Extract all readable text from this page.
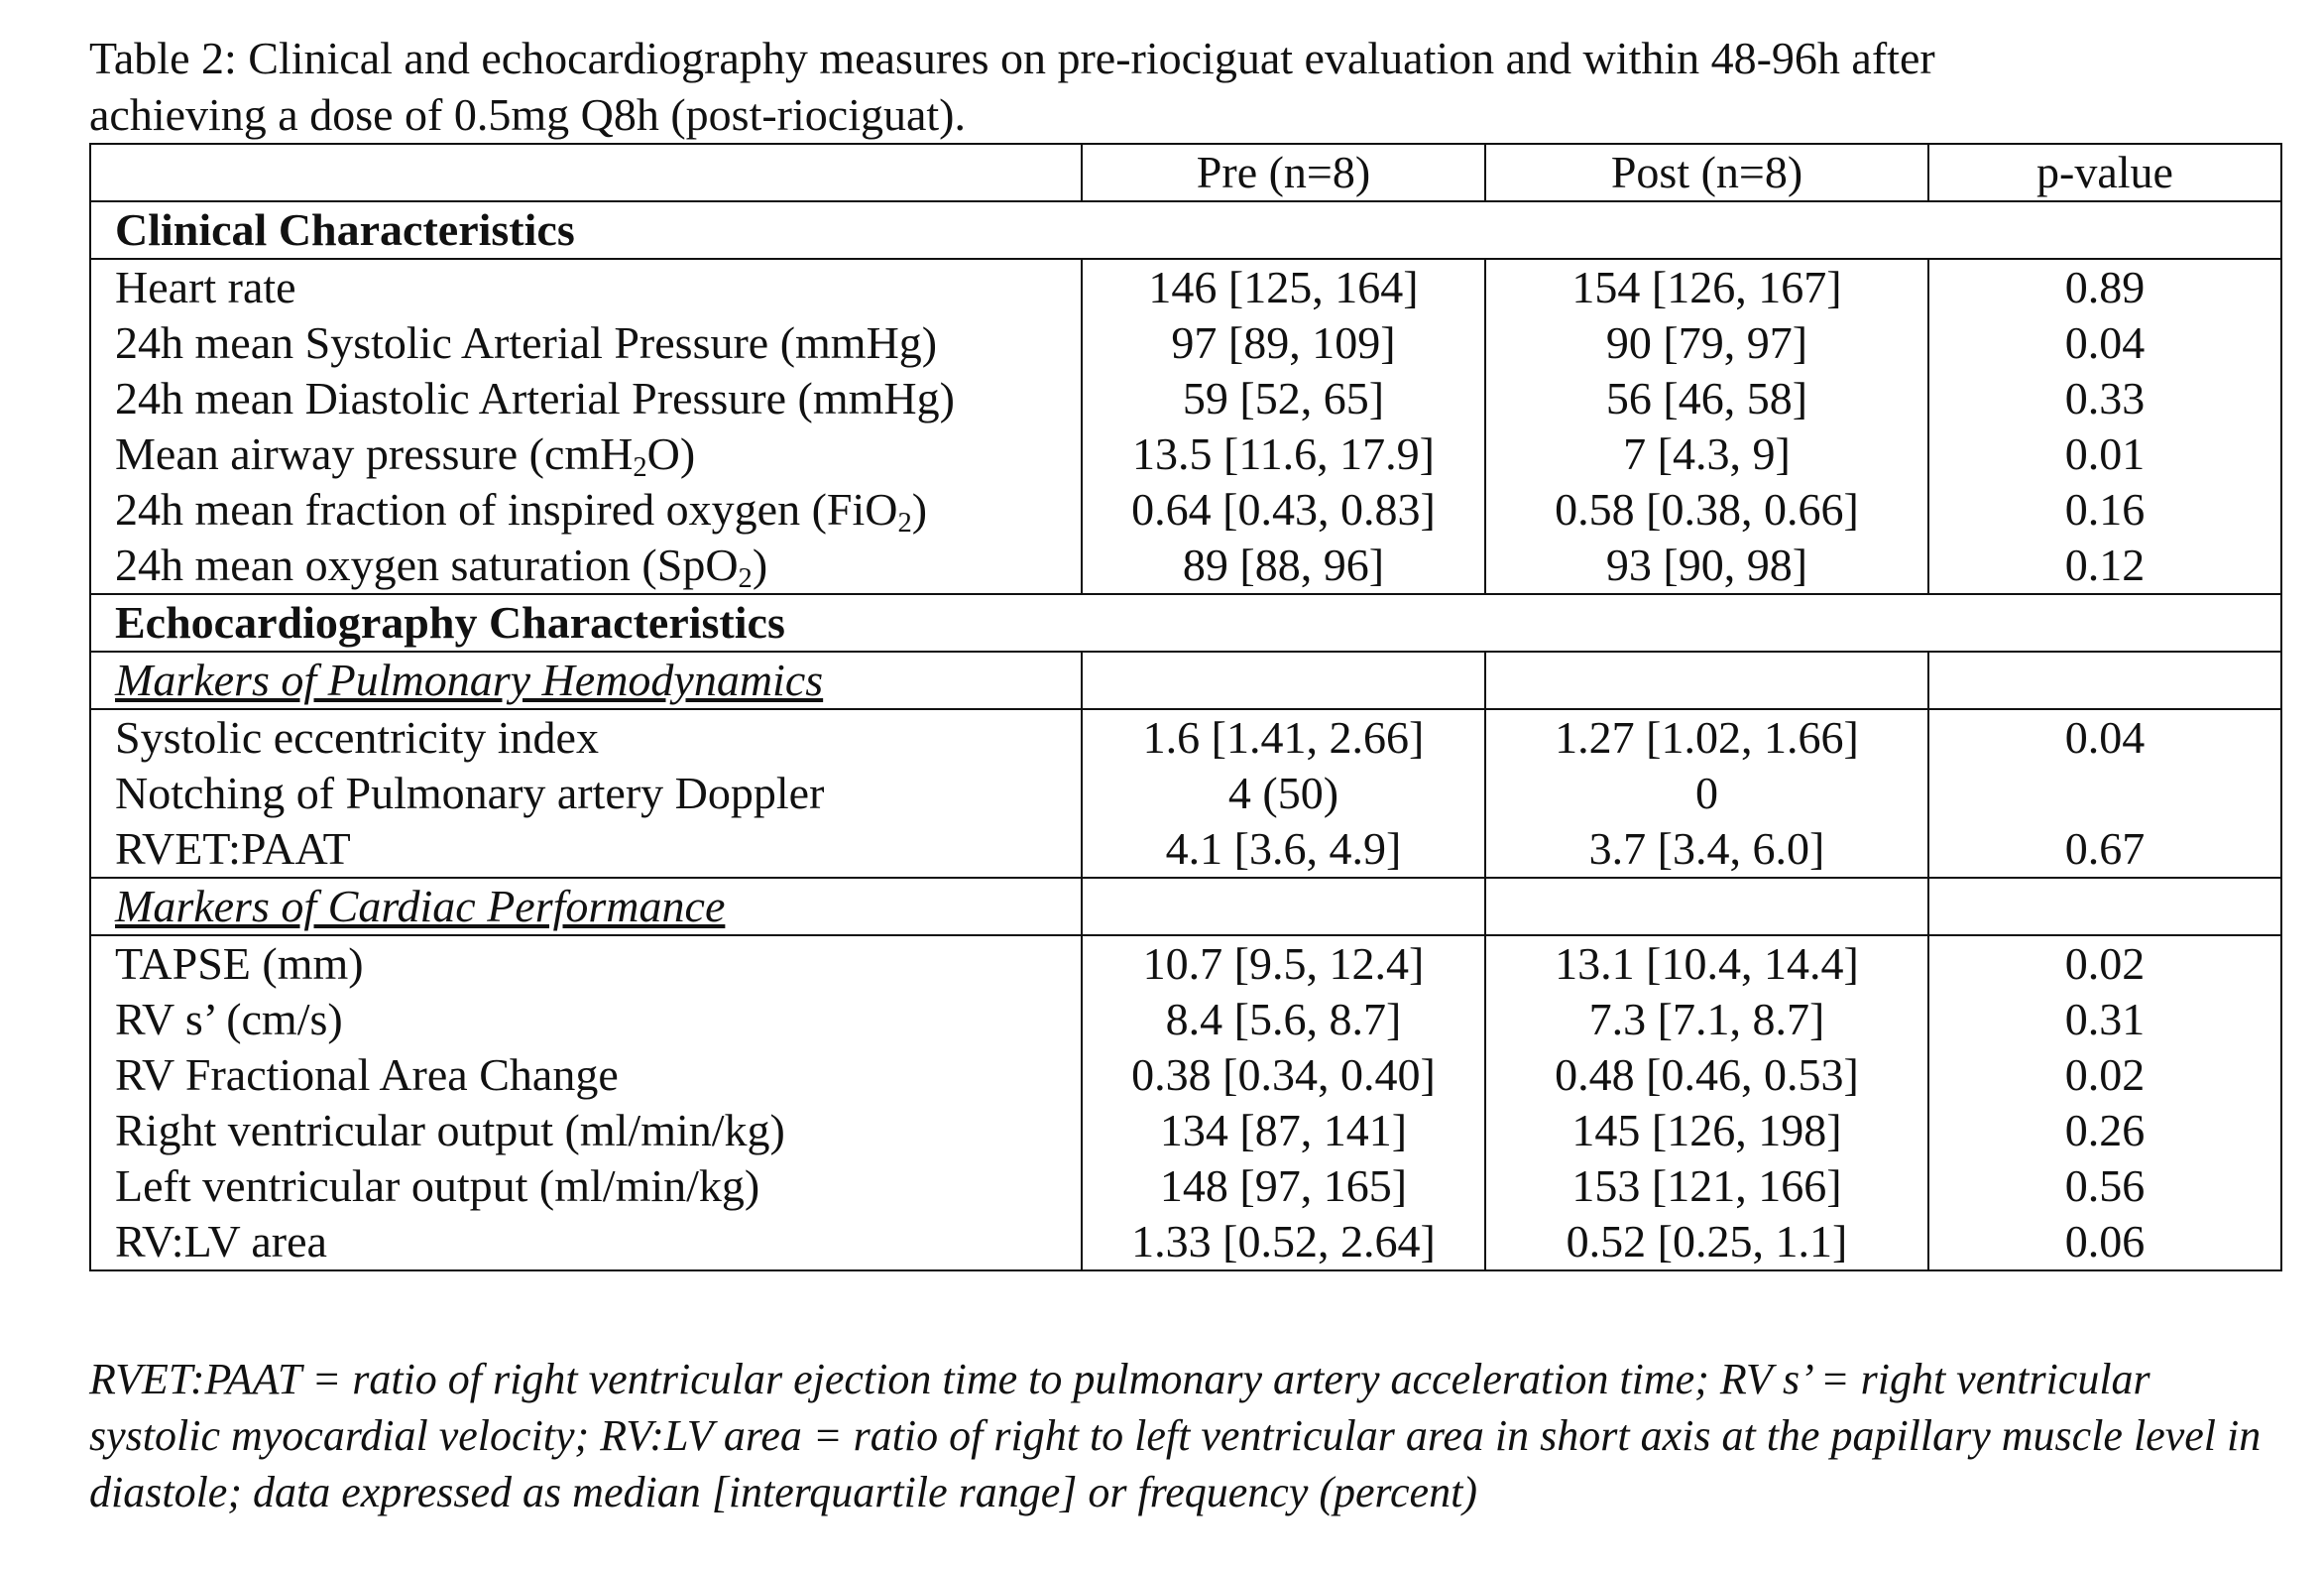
Table 2: Clinical and echocardiography measures on pre-riociguat evaluation and within 48-96h after
achieving a dose of 0.5mg Q8h (post-riociguat).
	Pre (n=8)	Post (n=8)	p-value
Clinical Characteristics			
Heart rate	146 [125, 164]	154 [126, 167]	0.89
24h mean Systolic Arterial Pressure (mmHg)	97 [89, 109]	90 [79, 97]	0.04
24h mean Diastolic Arterial Pressure (mmHg)	59 [52, 65]	56 [46, 58]	0.33
Mean airway pressure (cmH$_2$O)	13.5 [11.6, 17.9]	7 [4.3, 9]	0.01
24h mean fraction of inspired oxygen (FiO$_2$)	0.64 [0.43, 0.83]	0.58 [0.38, 0.66]	0.16
24h mean oxygen saturation (SpO$_2$)	89 [88, 96]	93 [90, 98]	0.12
Echocardiography Characteristics			
Markers of Pulmonary Hemodynamics			
Systolic eccentricity index	1.6 [1.41, 2.66]	1.27 [1.02, 1.66]	0.04
Notching of Pulmonary artery Doppler	4 (50)	0	
RVET:PAAT	4.1 [3.6, 4.9]	3.7 [3.4, 6.0]	0.67
Markers of Cardiac Performance			
TAPSE (mm)	10.7 [9.5, 12.4]	13.1 [10.4, 14.4]	0.02
RV s’ (cm/s)	8.4 [5.6, 8.7]	7.3 [7.1, 8.7]	0.31
RV Fractional Area Change	0.38 [0.34, 0.40]	0.48 [0.46, 0.53]	0.02
Right ventricular output (ml/min/kg)	134 [87, 141]	145 [126, 198]	0.26
Left ventricular output (ml/min/kg)	148 [97, 165]	153 [121, 166]	0.56
RV:LV area	1.33 [0.52, 2.64]	0.52 [0.25, 1.1]	0.06
RVET:PAAT = ratio of right ventricular ejection time to pulmonary artery acceleration time; RV s’ = right ventricular
systolic myocardial velocity; RV:LV area = ratio of right to left ventricular area in short axis at the papillary muscle level in
diastole; data expressed as median [interquartile range] or frequency (percent)
